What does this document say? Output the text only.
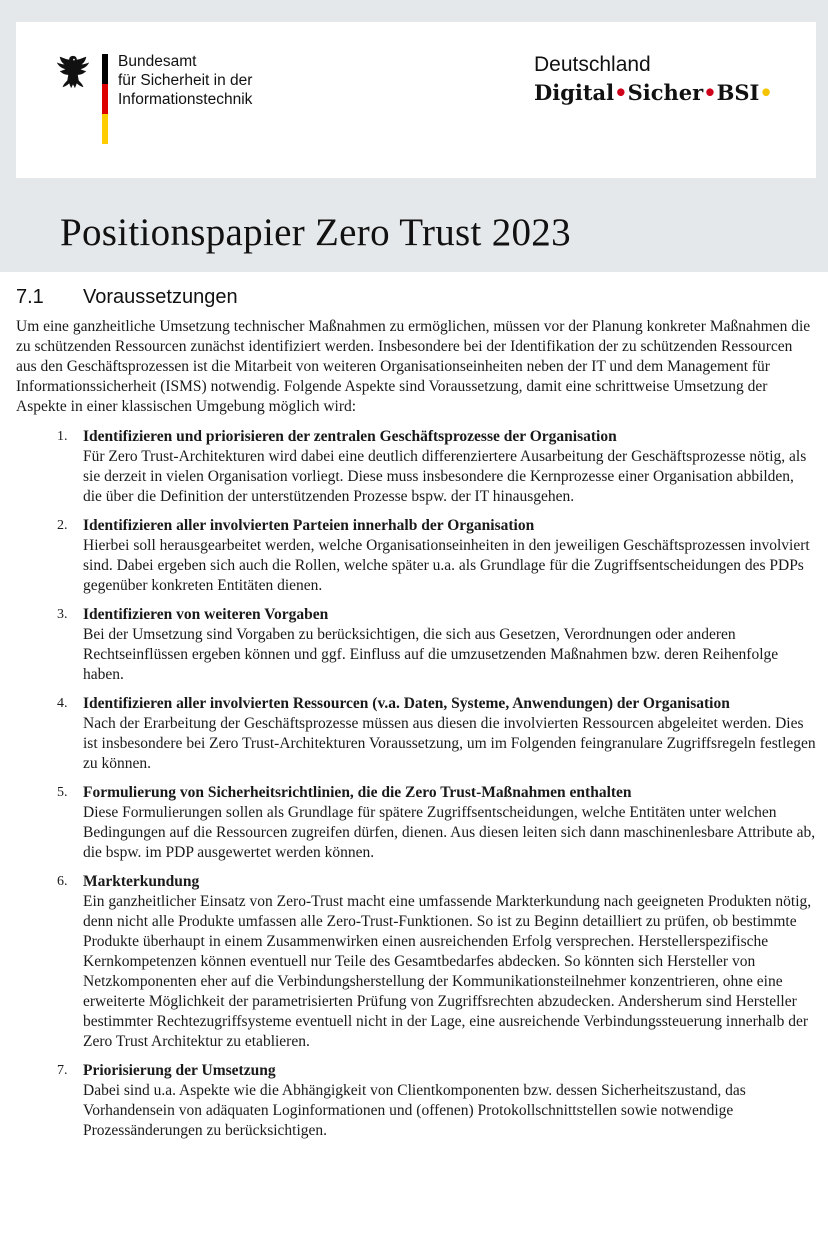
Bundesamt
für Sicherheit in der
Informationstechnik
Deutschland
Digital•Sicher•BSI•
Positionspapier Zero Trust 2023
7.1	Voraussetzungen

Um eine ganzheitliche Umsetzung technischer Maßnahmen zu ermöglichen, müssen vor der Planung konkreter Maßnahmen die zu schützenden Ressourcen zunächst identifiziert werden. Insbesondere bei der Identifikation der zu schützenden Ressourcen aus den Geschäftsprozessen ist die Mitarbeit von weiteren Organisationseinheiten neben der IT und dem Management für Informationssicherheit (ISMS) notwendig. Folgende Aspekte sind Voraussetzung, damit eine schrittweise Umsetzung der Aspekte in einer klassischen Umgebung möglich wird:

1. Identifizieren und priorisieren der zentralen Geschäftsprozesse der Organisation
Für Zero Trust-Architekturen wird dabei eine deutlich differenziertere Ausarbeitung der Geschäftsprozesse nötig, als sie derzeit in vielen Organisation vorliegt. Diese muss insbesondere die Kernprozesse einer Organisation abbilden, die über die Definition der unterstützenden Prozesse bspw. der IT hinausgehen.
2. Identifizieren aller involvierten Parteien innerhalb der Organisation
Hierbei soll herausgearbeitet werden, welche Organisationseinheiten in den jeweiligen Geschäftsprozessen involviert sind. Dabei ergeben sich auch die Rollen, welche später u.a. als Grundlage für die Zugriffsentscheidungen des PDPs gegenüber konkreten Entitäten dienen.
3. Identifizieren von weiteren Vorgaben
Bei der Umsetzung sind Vorgaben zu berücksichtigen, die sich aus Gesetzen, Verordnungen oder anderen Rechtseinflüssen ergeben können und ggf. Einfluss auf die umzusetzenden Maßnahmen bzw. deren Reihenfolge haben.
4. Identifizieren aller involvierten Ressourcen (v.a. Daten, Systeme, Anwendungen) der Organisation
Nach der Erarbeitung der Geschäftsprozesse müssen aus diesen die involvierten Ressourcen abgeleitet werden. Dies ist insbesondere bei Zero Trust-Architekturen Voraussetzung, um im Folgenden feingranulare Zugriffsregeln festlegen zu können.
5. Formulierung von Sicherheitsrichtlinien, die die Zero Trust-Maßnahmen enthalten
Diese Formulierungen sollen als Grundlage für spätere Zugriffsentscheidungen, welche Entitäten unter welchen Bedingungen auf die Ressourcen zugreifen dürfen, dienen. Aus diesen leiten sich dann maschinenlesbare Attribute ab, die bspw. im PDP ausgewertet werden können.
6. Markterkundung
Ein ganzheitlicher Einsatz von Zero-Trust macht eine umfassende Markterkundung nach geeigneten Produkten nötig, denn nicht alle Produkte umfassen alle Zero-Trust-Funktionen. So ist zu Beginn detailliert zu prüfen, ob bestimmte Produkte überhaupt in einem Zusammenwirken einen ausreichenden Erfolg versprechen. Herstellerspezifische Kernkompetenzen können eventuell nur Teile des Gesamtbedarfes abdecken. So könnten sich Hersteller von Netzkomponenten eher auf die Verbindungsherstellung der Kommunikationsteilnehmer konzentrieren, ohne eine erweiterte Möglichkeit der parametrisierten Prüfung von Zugriffsrechten abzudecken. Andersherum sind Hersteller bestimmter Rechtezugriffsysteme eventuell nicht in der Lage, eine ausreichende Verbindungssteuerung innerhalb der Zero Trust Architektur zu etablieren.
7. Priorisierung der Umsetzung
Dabei sind u.a. Aspekte wie die Abhängigkeit von Clientkomponenten bzw. dessen Sicherheitszustand, das Vorhandensein von adäquaten Loginformationen und (offenen) Protokollschnittstellen sowie notwendige Prozessänderungen zu berücksichtigen.
